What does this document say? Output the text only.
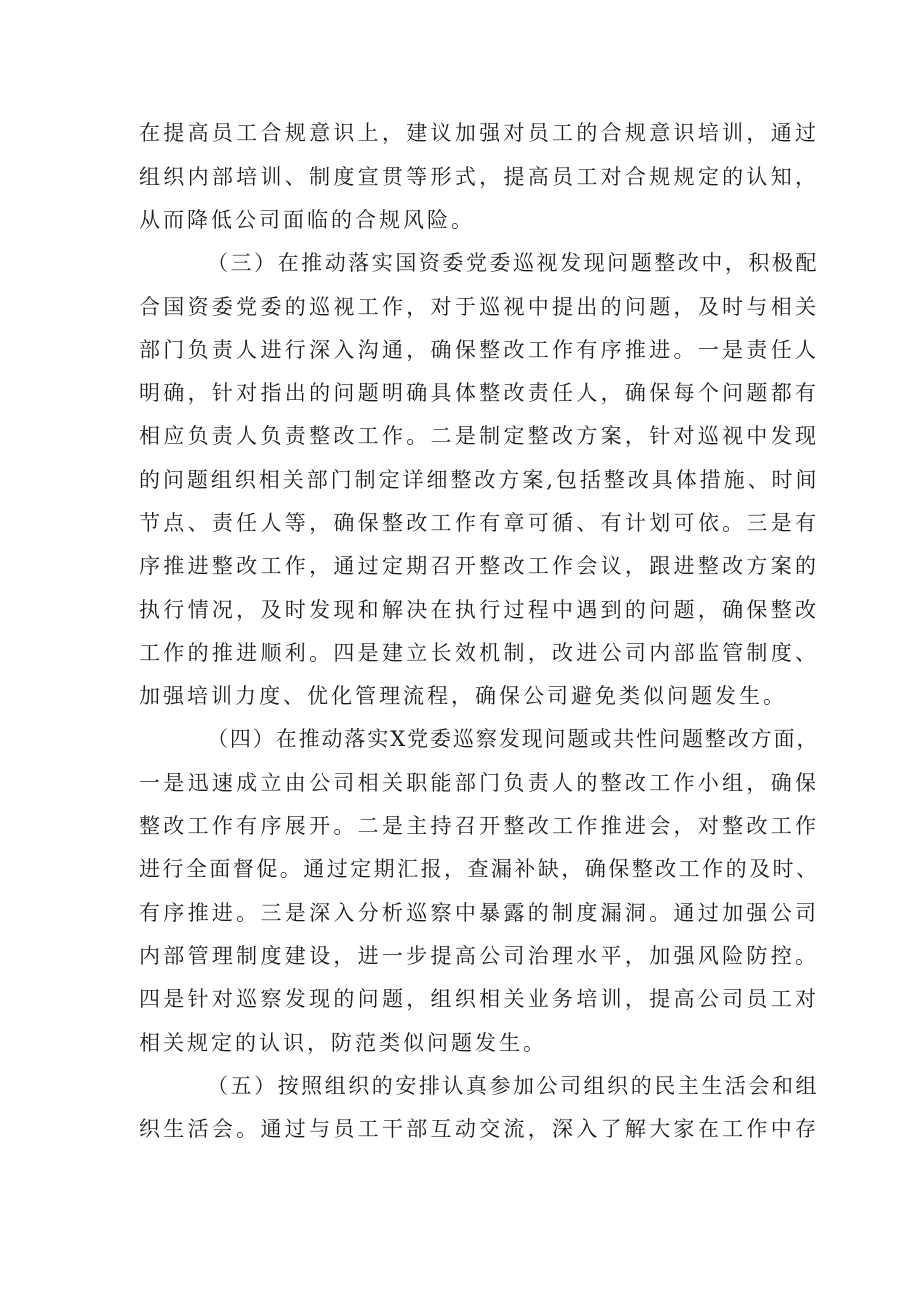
在提高员工合规意识上，建议加强对员工的合规意识培训，通过
组织内部培训、制度宣贯等形式，提高员工对合规规定的认知，
从而降低公司面临的合规风险。
（三）在推动落实国资委党委巡视发现问题整改中，积极配
合国资委党委的巡视工作，对于巡视中提出的问题，及时与相关
部门负责人进行深入沟通，确保整改工作有序推进。一是责任人
明确，针对指出的问题明确具体整改责任人，确保每个问题都有
相应负责人负责整改工作。二是制定整改方案，针对巡视中发现
的问题组织相关部门制定详细整改方案,包括整改具体措施、时间
节点、责任人等，确保整改工作有章可循、有计划可依。三是有
序推进整改工作，通过定期召开整改工作会议，跟进整改方案的
执行情况，及时发现和解决在执行过程中遇到的问题，确保整改
工作的推进顺利。四是建立长效机制，改进公司内部监管制度、
加强培训力度、优化管理流程，确保公司避免类似问题发生。
（四）在推动落实X党委巡察发现问题或共性问题整改方面，
一是迅速成立由公司相关职能部门负责人的整改工作小组，确保
整改工作有序展开。二是主持召开整改工作推进会，对整改工作
进行全面督促。通过定期汇报，查漏补缺，确保整改工作的及时、
有序推进。三是深入分析巡察中暴露的制度漏洞。通过加强公司
内部管理制度建设，进一步提高公司治理水平，加强风险防控。
四是针对巡察发现的问题，组织相关业务培训，提高公司员工对
相关规定的认识，防范类似问题发生。
（五）按照组织的安排认真参加公司组织的民主生活会和组
织生活会。通过与员工干部互动交流，深入了解大家在工作中存
